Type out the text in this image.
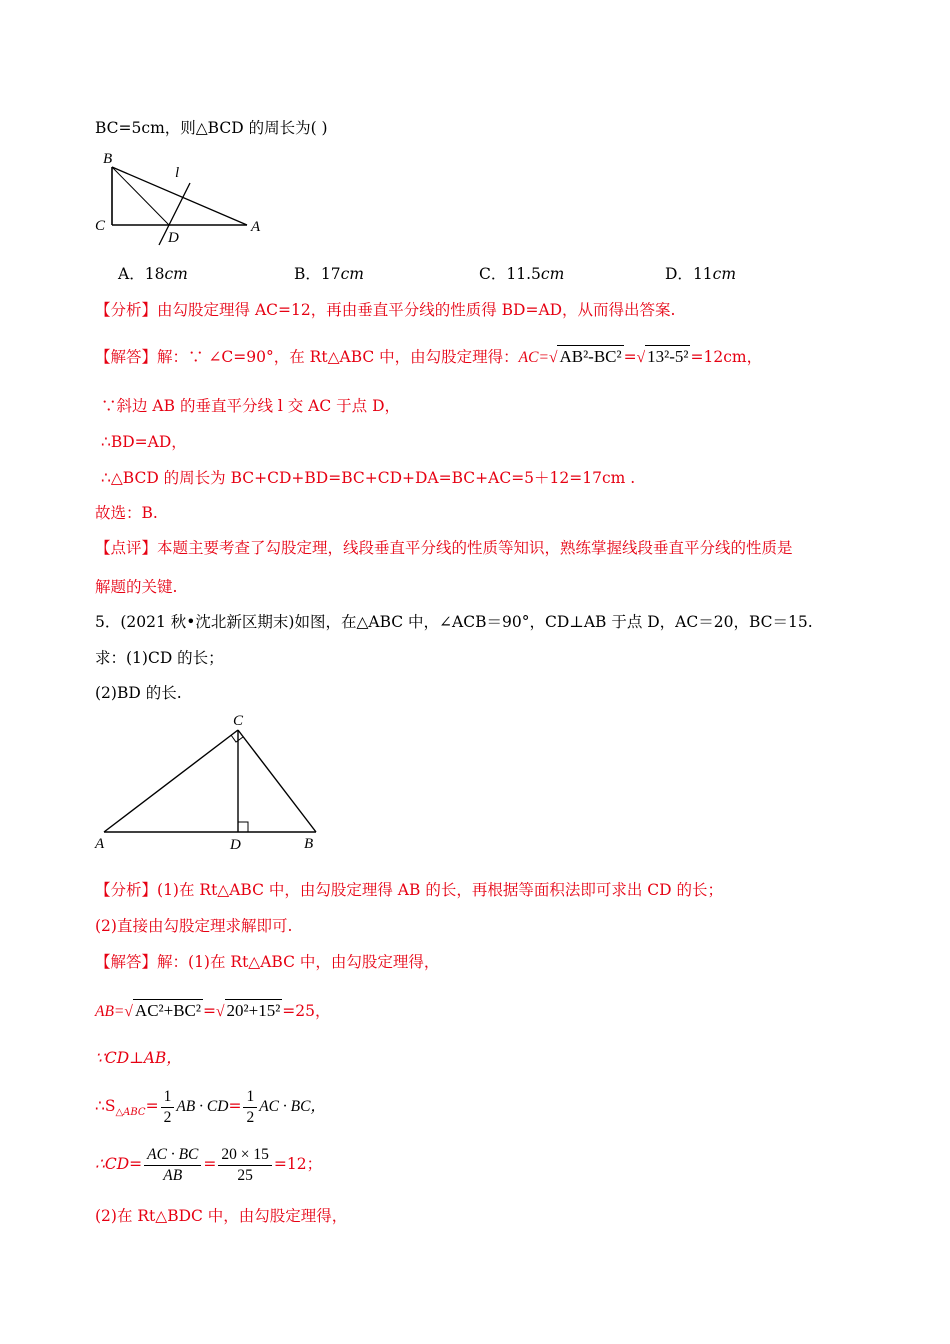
BC=5cm，则△BCD 的周长为( )
B
l
C
D
A
A．18cm	B．17cm	C．11.5cm	D．11cm
【分析】由勾股定理得 AC=12，再由垂直平分线的性质得 BD=AD，从而得出答案.
【解答】解：∵ ∠C=90°，在 Rt△ABC 中，由勾股定理得：AC=√ AB²-BC² =√ 13²-5² =12cm，
∵斜边 AB 的垂直平分线 l 交 AC 于点 D，
∴BD=AD，
∴△BCD 的周长为 BC+CD+BD=BC+CD+DA=BC+AC=5＋12=17cm .
故选：B.
【点评】本题主要考查了勾股定理，线段垂直平分线的性质等知识，熟练掌握线段垂直平分线的性质是
解题的关键.
5．(2021 秋•沈北新区期末)如图，在△ABC 中，∠ACB＝90°，CD⊥AB 于点 D，AC＝20，BC＝15.
求：(1)CD 的长；
(2)BD 的长.
C
A	D	B
【分析】(1)在 Rt△ABC 中，由勾股定理得 AB 的长，再根据等面积法即可求出 CD 的长；
(2)直接由勾股定理求解即可.
【解答】解：(1)在 Rt△ABC 中，由勾股定理得，
AB=√ AC²+BC² =√ 20²+15² =25，
∵CD⊥AB，
$\therefore S_{\triangle ABC}= \frac{1}{2}$ AB · $CD= \frac{1}{2}$ AC · BC，
∴CD= $\frac{AC \cdot BC}{AB} = \frac{20 \times 15}{25} =12$；
(2)在 Rt△BDC 中，由勾股定理得，
